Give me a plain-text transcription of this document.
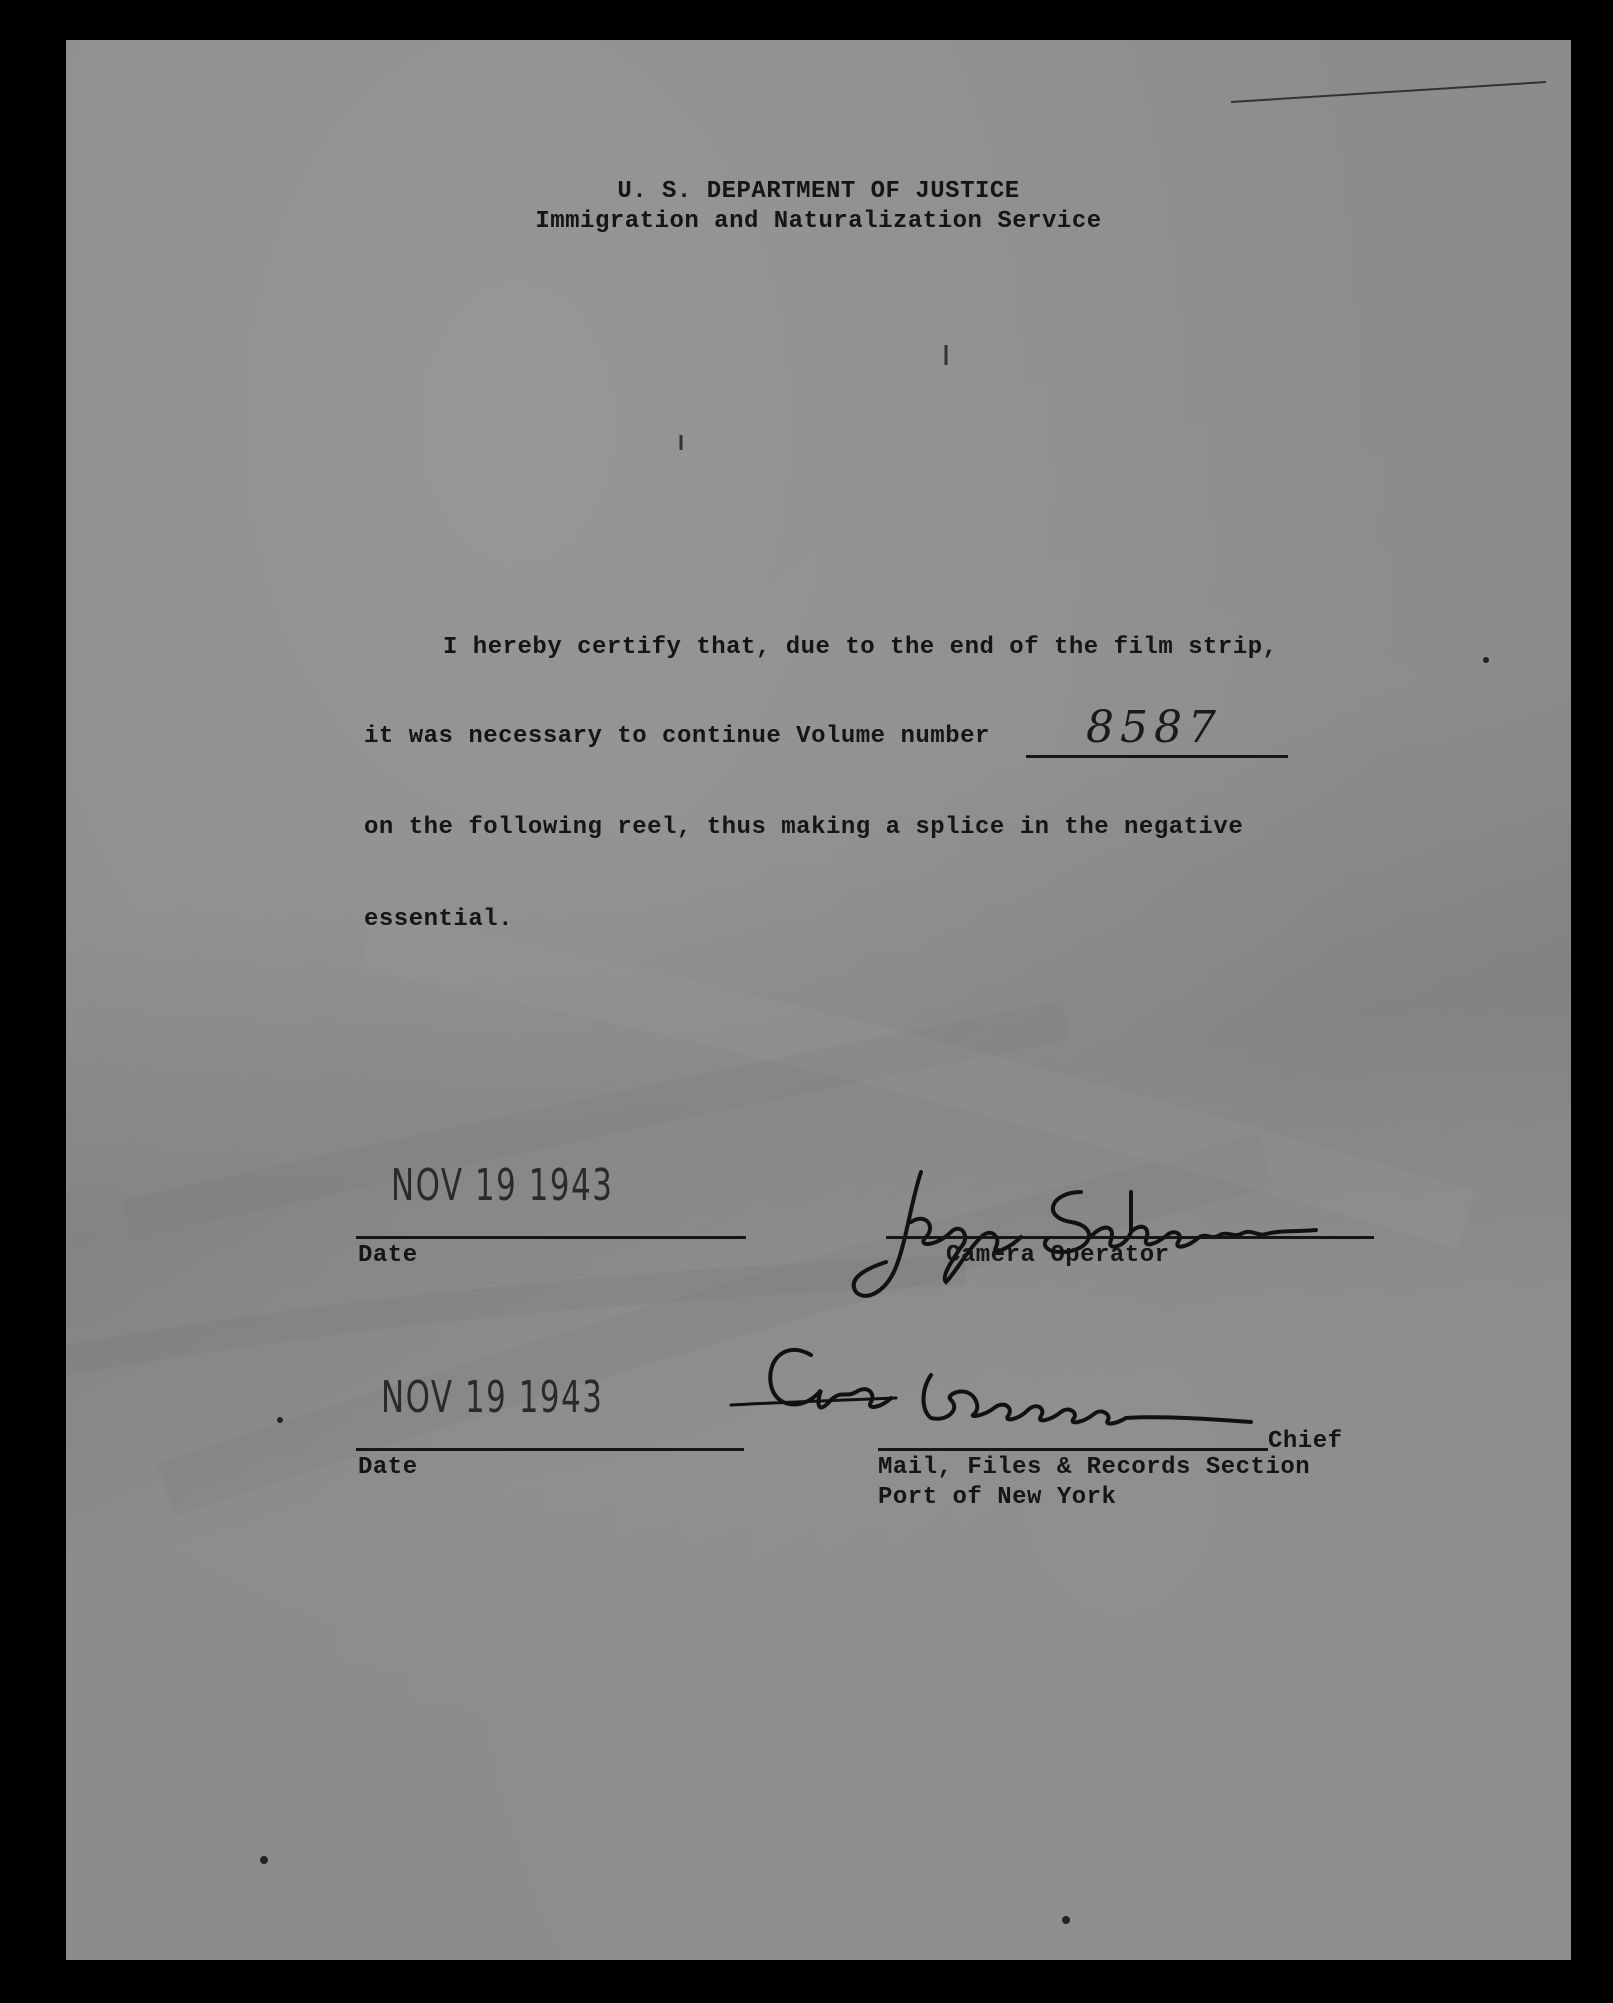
U. S. DEPARTMENT OF JUSTICE
Immigration and Naturalization Service
I hereby certify that, due to the end of the film strip,
it was necessary to continue Volume number 8587
on the following reel, thus making a splice in the negative
essential.
NOV 19 1943
Date	Camera Operator
NOV 19 1943
Date
Chief
Mail, Files & Records Section
Port of New York
